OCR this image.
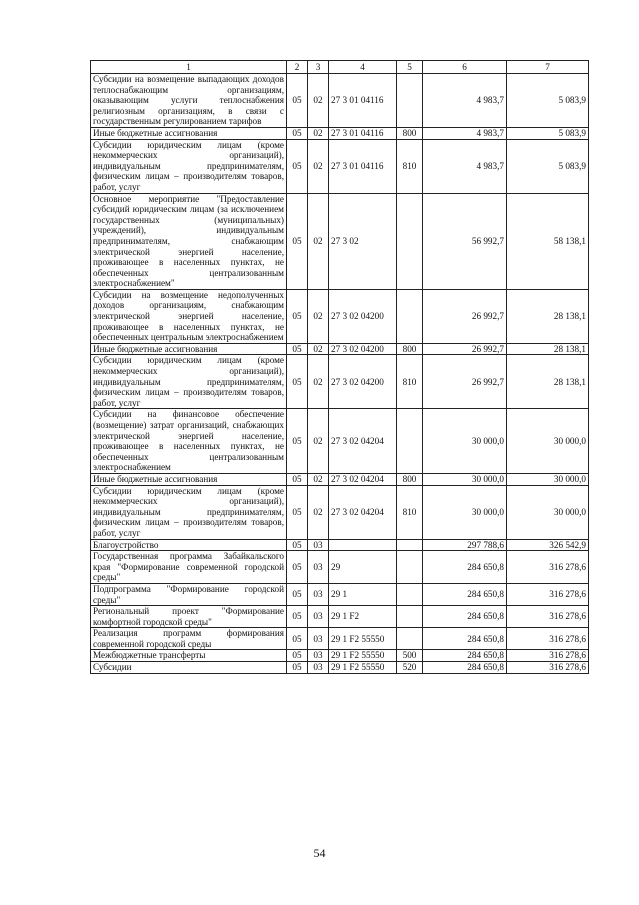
1	2	3	4	5	6	7
Субсидии на возмещение выпадающих доходов теплоснабжающим организациям, оказывающим услуги теплоснабжения религиозным организациям, в связи с государственным регулированием тарифов	05	02	27 3 01 04116		4 983,7	5 083,9
Иные бюджетные ассигнования	05	02	27 3 01 04116	800	4 983,7	5 083,9
Субсидии юридическим лицам (кроме некоммерческих организаций), индивидуальным предпринимателям, физическим лицам – производителям товаров, работ, услуг	05	02	27 3 01 04116	810	4 983,7	5 083,9
Основное мероприятие "Предоставление субсидий юридическим лицам (за исключением государственных (муниципальных) учреждений), индивидуальным предпринимателям, снабжающим электрической энергией население, проживающее в населенных пунктах, не обеспеченных централизованным электроснабжением"	05	02	27 3 02		56 992,7	58 138,1
Субсидии на возмещение недополученных доходов организациям, снабжающим электрической энергией население, проживающее в населенных пунктах, не обеспеченных центральным электроснабжением	05	02	27 3 02 04200		26 992,7	28 138,1
Иные бюджетные ассигнования	05	02	27 3 02 04200	800	26 992,7	28 138,1
Субсидии юридическим лицам (кроме некоммерческих организаций), индивидуальным предпринимателям, физическим лицам – производителям товаров, работ, услуг	05	02	27 3 02 04200	810	26 992,7	28 138,1
Субсидии на финансовое обеспечение (возмещение) затрат организаций, снабжающих электрической энергией население, проживающее в населенных пунктах, не обеспеченных централизованным электроснабжением	05	02	27 3 02 04204		30 000,0	30 000,0
Иные бюджетные ассигнования	05	02	27 3 02 04204	800	30 000,0	30 000,0
Субсидии юридическим лицам (кроме некоммерческих организаций), индивидуальным предпринимателям, физическим лицам – производителям товаров, работ, услуг	05	02	27 3 02 04204	810	30 000,0	30 000,0
Благоустройство	05	03			297 788,6	326 542,9
Государственная программа Забайкальского края "Формирование современной городской среды"	05	03	29		284 650,8	316 278,6
Подпрограмма "Формирование городской среды"	05	03	29 1		284 650,8	316 278,6
Региональный проект "Формирование комфортной городской среды"	05	03	29 1 F2		284 650,8	316 278,6
Реализация программ формирования современной городской среды	05	03	29 1 F2 55550		284 650,8	316 278,6
Межбюджетные трансферты	05	03	29 1 F2 55550	500	284 650,8	316 278,6
Субсидии	05	03	29 1 F2 55550	520	284 650,8	316 278,6
54
